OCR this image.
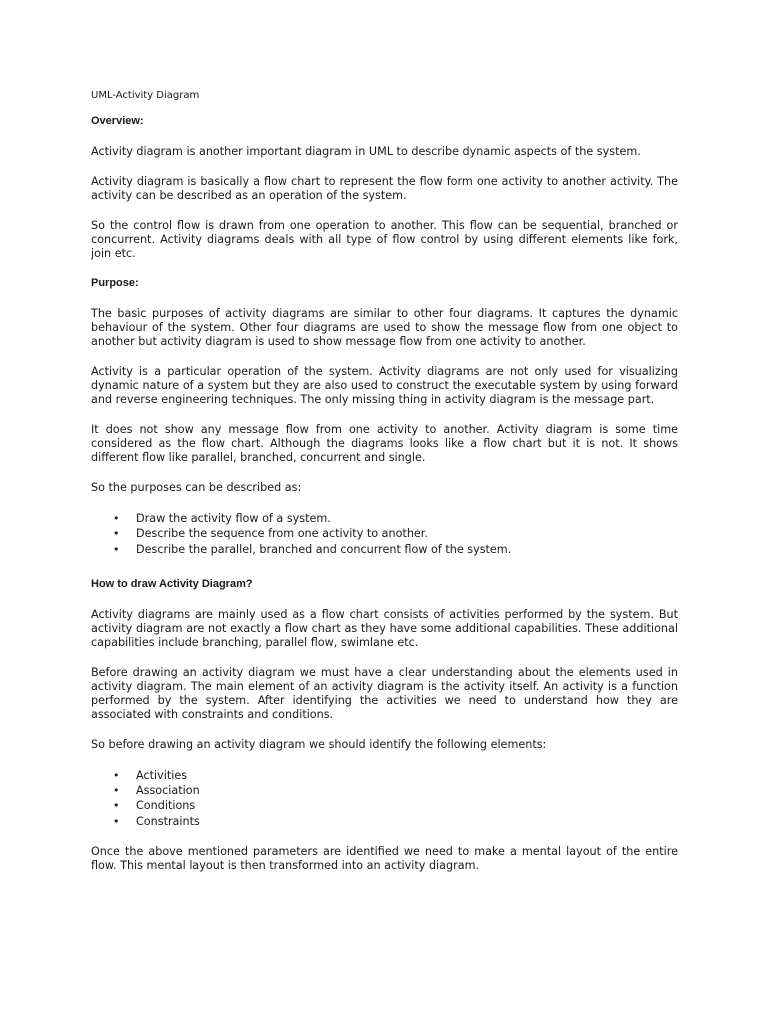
UML-Activity Diagram
Overview:

Activity diagram is another important diagram in UML to describe dynamic aspects of the system.

Activity diagram is basically a flow chart to represent the flow form one activity to another activity. The activity can be described as an operation of the system.

So the control flow is drawn from one operation to another. This flow can be sequential, branched or concurrent. Activity diagrams deals with all type of flow control by using different elements like fork, join etc.

Purpose:

The basic purposes of activity diagrams are similar to other four diagrams. It captures the dynamic behaviour of the system. Other four diagrams are used to show the message flow from one object to another but activity diagram is used to show message flow from one activity to another.

Activity is a particular operation of the system. Activity diagrams are not only used for visualizing dynamic nature of a system but they are also used to construct the executable system by using forward and reverse engineering techniques. The only missing thing in activity diagram is the message part.

It does not show any message flow from one activity to another. Activity diagram is some time considered as the flow chart. Although the diagrams looks like a flow chart but it is not. It shows different flow like parallel, branched, concurrent and single.

So the purposes can be described as:

• Draw the activity flow of a system.
• Describe the sequence from one activity to another.
• Describe the parallel, branched and concurrent flow of the system.
How to draw Activity Diagram?

Activity diagrams are mainly used as a flow chart consists of activities performed by the system. But activity diagram are not exactly a flow chart as they have some additional capabilities. These additional capabilities include branching, parallel flow, swimlane etc.

Before drawing an activity diagram we must have a clear understanding about the elements used in activity diagram. The main element of an activity diagram is the activity itself. An activity is a function performed by the system. After identifying the activities we need to understand how they are associated with constraints and conditions.

So before drawing an activity diagram we should identify the following elements:

• Activities
• Association
• Conditions
• Constraints

Once the above mentioned parameters are identified we need to make a mental layout of the entire flow. This mental layout is then transformed into an activity diagram.
